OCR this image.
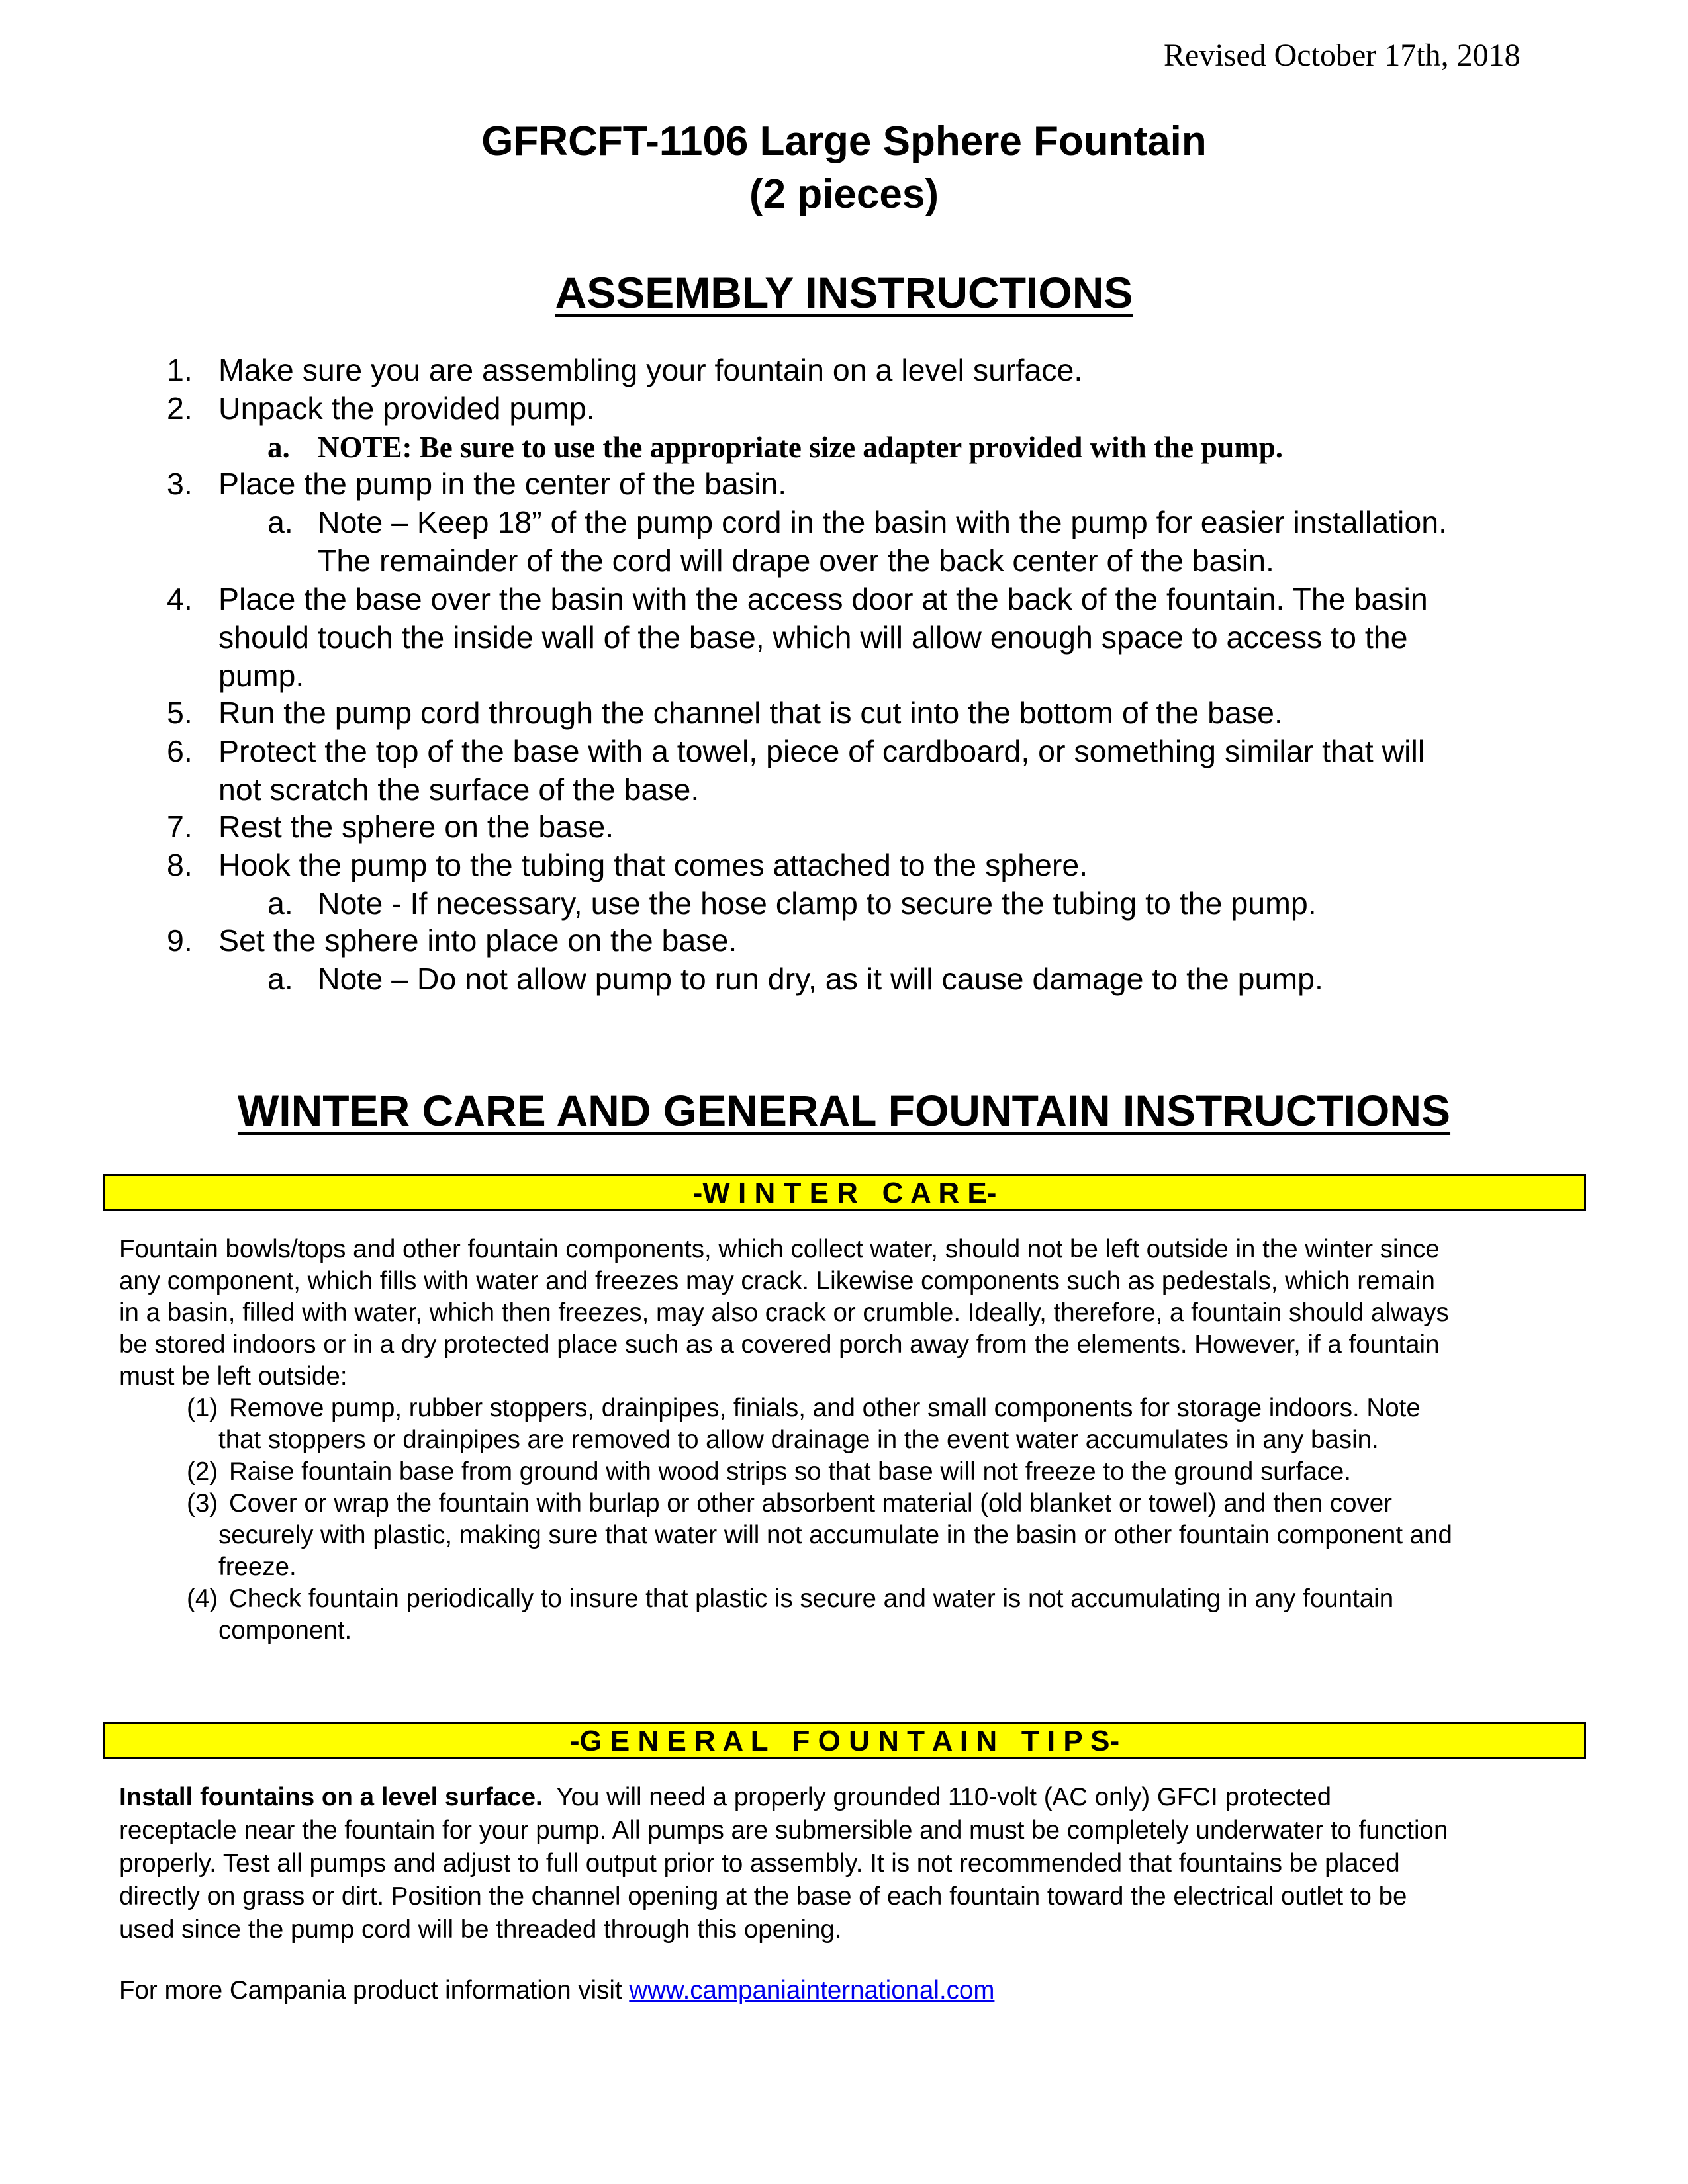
Revised October 17th, 2018
GFRCFT-1106 Large Sphere Fountain
(2 pieces)
ASSEMBLY INSTRUCTIONS
1. Make sure you are assembling your fountain on a level surface.
2. Unpack the provided pump.
a. NOTE: Be sure to use the appropriate size adapter provided with the pump.
3. Place the pump in the center of the basin.
a. Note – Keep 18” of the pump cord in the basin with the pump for easier installation.
The remainder of the cord will drape over the back center of the basin.
4. Place the base over the basin with the access door at the back of the fountain. The basin
should touch the inside wall of the base, which will allow enough space to access to the
pump.
5. Run the pump cord through the channel that is cut into the bottom of the base.
6. Protect the top of the base with a towel, piece of cardboard, or something similar that will
not scratch the surface of the base.
7. Rest the sphere on the base.
8. Hook the pump to the tubing that comes attached to the sphere.
a. Note - If necessary, use the hose clamp to secure the tubing to the pump.
9. Set the sphere into place on the base.
a. Note – Do not allow pump to run dry, as it will cause damage to the pump.
WINTER CARE AND GENERAL FOUNTAIN INSTRUCTIONS
-W I N T E R   C A R E-
Fountain bowls/tops and other fountain components, which collect water, should not be left outside in the winter since
any component, which fills with water and freezes may crack. Likewise components such as pedestals, which remain
in a basin, filled with water, which then freezes, may also crack or crumble. Ideally, therefore, a fountain should always
be stored indoors or in a dry protected place such as a covered porch away from the elements. However, if a fountain
must be left outside:
(1) Remove pump, rubber stoppers, drainpipes, finials, and other small components for storage indoors. Note
that stoppers or drainpipes are removed to allow drainage in the event water accumulates in any basin.
(2) Raise fountain base from ground with wood strips so that base will not freeze to the ground surface.
(3) Cover or wrap the fountain with burlap or other absorbent material (old blanket or towel) and then cover
securely with plastic, making sure that water will not accumulate in the basin or other fountain component and
freeze.
(4) Check fountain periodically to insure that plastic is secure and water is not accumulating in any fountain
component.
-G E N E R A L   F O U N T A I N   T I P S-
Install fountains on a level surface.  You will need a properly grounded 110-volt (AC only) GFCI protected
receptacle near the fountain for your pump. All pumps are submersible and must be completely underwater to function
properly. Test all pumps and adjust to full output prior to assembly. It is not recommended that fountains be placed
directly on grass or dirt. Position the channel opening at the base of each fountain toward the electrical outlet to be
used since the pump cord will be threaded through this opening.
For more Campania product information visit www.campaniainternational.com
